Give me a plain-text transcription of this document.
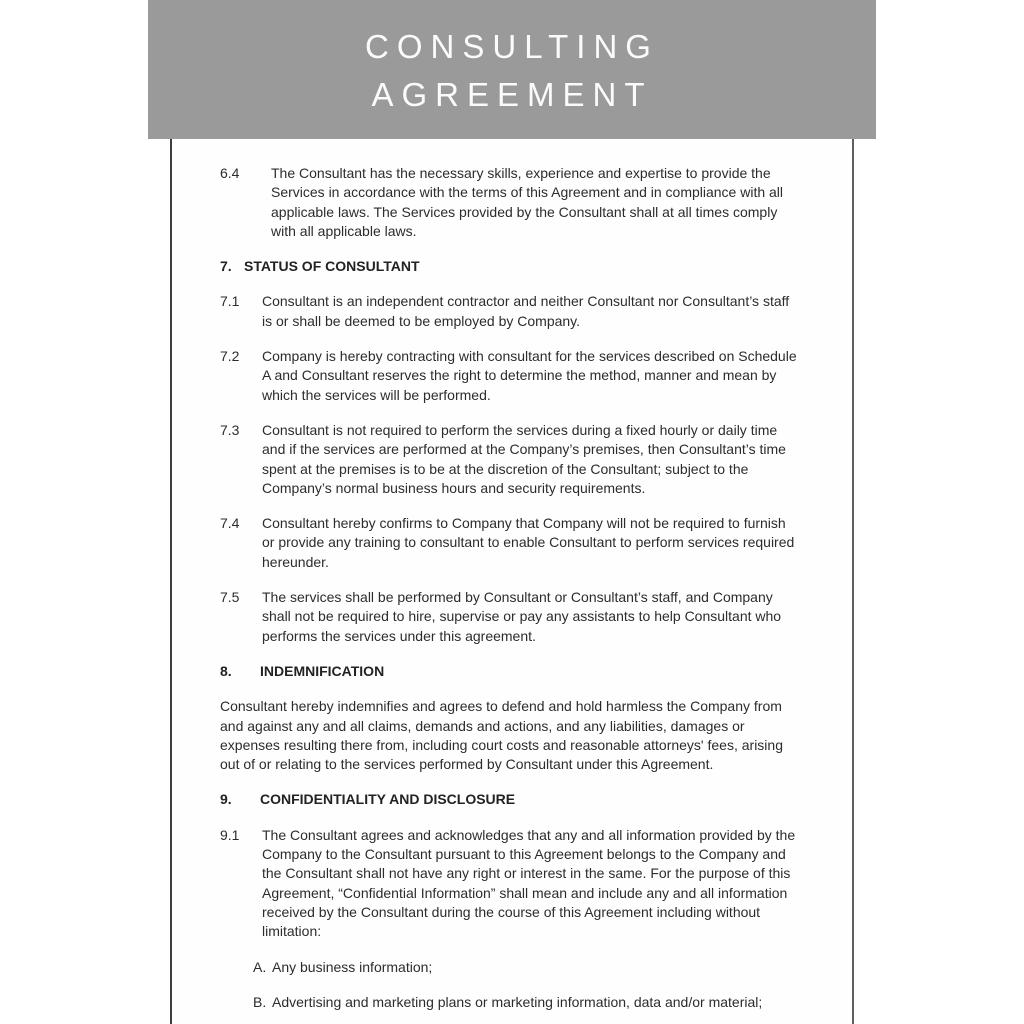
CONSULTING
AGREEMENT
6.4	The Consultant has the necessary skills, experience and expertise to provide the Services in accordance with the terms of this Agreement and in compliance with all applicable laws. The Services provided by the Consultant shall at all times comply with all applicable laws.
7. STATUS OF CONSULTANT
7.1	Consultant is an independent contractor and neither Consultant nor Consultant’s staff is or shall be deemed to be employed by Company.
7.2	Company is hereby contracting with consultant for the services described on Schedule A and Consultant reserves the right to determine the method, manner and mean by which the services will be performed.
7.3	Consultant is not required to perform the services during a fixed hourly or daily time and if the services are performed at the Company’s premises, then Consultant’s time spent at the premises is to be at the discretion of the Consultant; subject to the Company’s normal business hours and security requirements.
7.4	Consultant hereby confirms to Company that Company will not be required to furnish or provide any training to consultant to enable Consultant to perform services required hereunder.
7.5	The services shall be performed by Consultant or Consultant’s staff, and Company shall not be required to hire, supervise or pay any assistants to help Consultant who performs the services under this agreement.
8.	INDEMNIFICATION
Consultant hereby indemnifies and agrees to defend and hold harmless the Company from and against any and all claims, demands and actions, and any liabilities, damages or expenses resulting there from, including court costs and reasonable attorneys' fees, arising out of or relating to the services performed by Consultant under this Agreement.
9.	CONFIDENTIALITY AND DISCLOSURE
9.1	The Consultant agrees and acknowledges that any and all information provided by the Company to the Consultant pursuant to this Agreement belongs to the Company and the Consultant shall not have any right or interest in the same. For the purpose of this Agreement, “Confidential Information” shall mean and include any and all information received by the Consultant during the course of this Agreement including without limitation:
A. Any business information;
B. Advertising and marketing plans or marketing information, data and/or material;
